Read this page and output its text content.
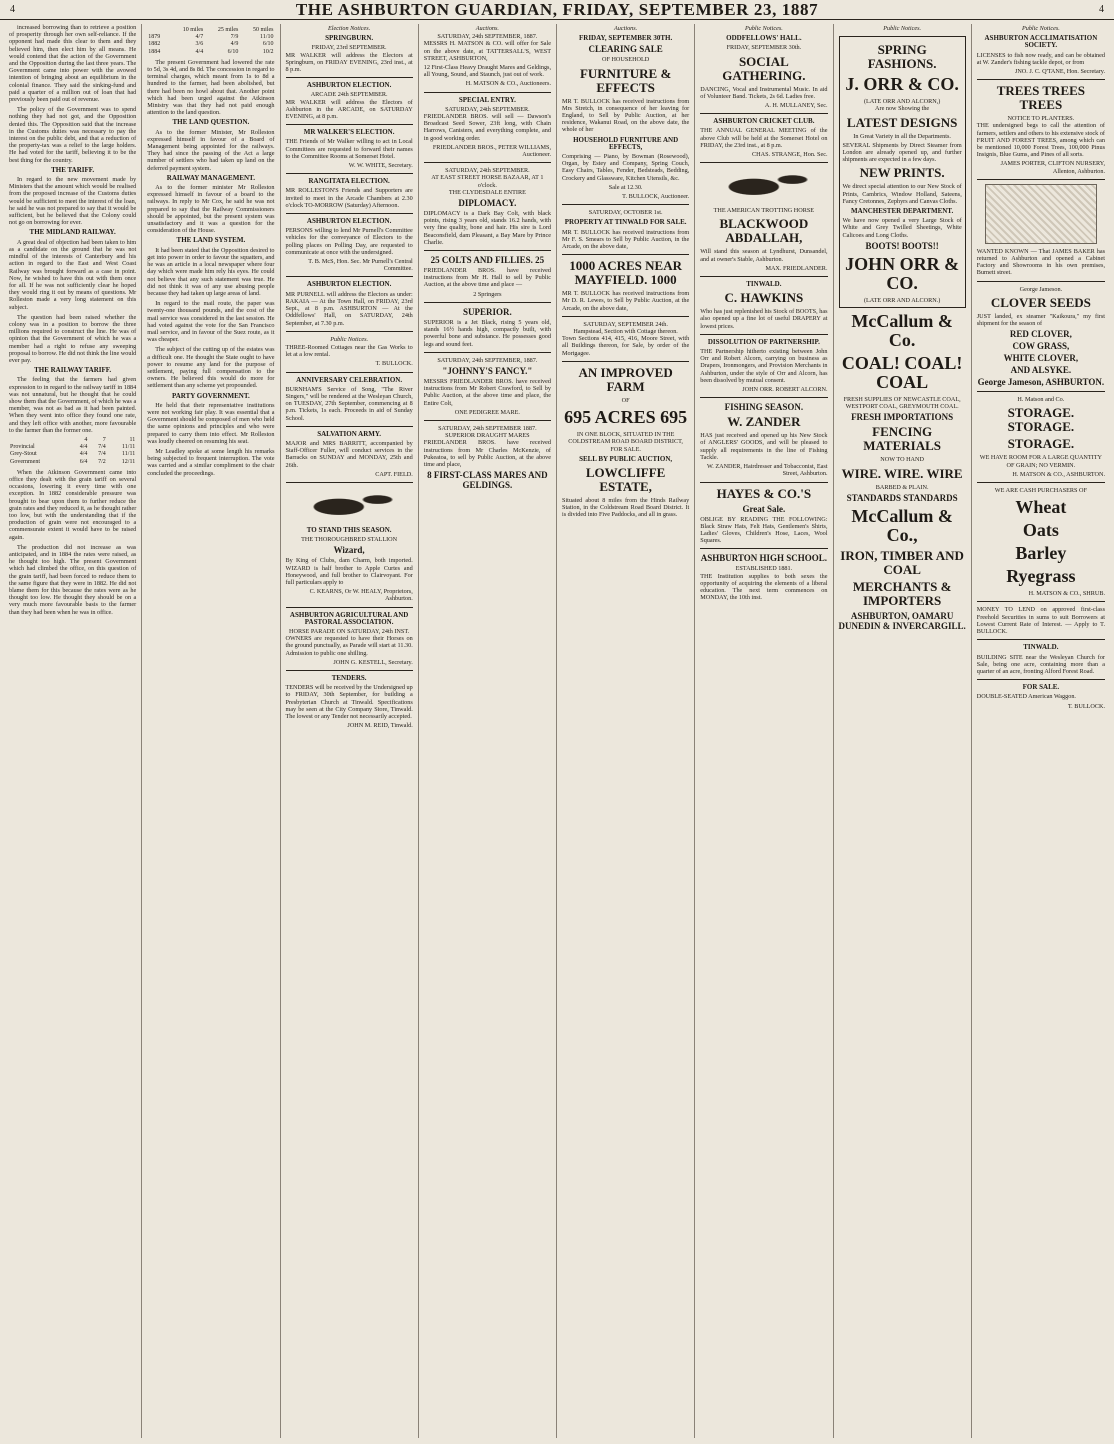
4	THE ASHBURTON GUARDIAN, FRIDAY, SEPTEMBER 23, 1887	4

increased borrowing than to retrieve a position of prosperity through her own self-reliance. If the opponent had made this clear to them and they believed him, then elect him by all means. He would contend that the action of the Government and the Opposition during the last three years. The Government came into power with the avowed intention of bringing about an equilibrium in the colonial finance. They said the sinking-fund and paid a quarter of a million out of loan that had previously been paid out of revenue.

The policy of the Government was to spend nothing they had not got, and the Opposition denied this. The Opposition said that the increase in the Customs duties was necessary to pay the interest on the public debt, and that a reduction of the property-tax was a relief to the large holders. He had voted for the tariff, believing it to be the best thing for the country.

THE TARIFF.

In regard to the new movement made by Ministers that the amount which would be realised from the proposed increase of the Customs duties would be sufficient to meet the interest of the loan, he said he was not prepared to say that it would be sufficient, but he believed that the Colony could not go on borrowing for ever.

THE MIDLAND RAILWAY.

A great deal of objection had been taken to him as a candidate on the ground that he was not mindful of the interests of Canterbury and his action in regard to the East and West Coast Railway was brought forward as a case in point. Now, he wished to have this out with them once for all. If he was not sufficiently clear he hoped they would ring it out by means of questions. Mr Rolleston made a very long statement on this subject.

The question had been raised whether the colony was in a position to borrow the three millions required to construct the line. He was of opinion that the Government of which he was a member had a right to refuse any sweeping proposal to borrow. He did not think the line would ever pay.

THE RAILWAY TARIFF.

The feeling that the farmers had given expression to in regard to the railway tariff in 1884 was not unnatural, but he thought that he could show them that the Government, of which he was a member, was not as bad as it had been painted. When they went into office they found one rate, and they left office with another, more favourable to the farmer than the former one.

	4	7	11
Provincial	4/4	7/4	11/11
Grey-Stout	4/4	7/4	11/11
Government	6/4	7/2	12/11

When the Atkinson Government came into office they dealt with the grain tariff on several occasions, lowering it every time with one exception. In 1882 considerable pressure was brought to bear upon them to further reduce the grain rates and they reduced it, as he thought rather too low, but with the understanding that if the production of grain were not encouraged to a commensurate extent it would have to be raised again.

The production did not increase as was anticipated, and in 1884 the rates were raised, as he thought too high. The present Government which had climbed the office, on this question of the grain tariff, had been forced to reduce them to the same figure that they were in 1882. He did not blame them for this because the rates were as he thought too low. He thought they should be on a very much more favourable basis to the farmer than they had been when he was in office.

	10 miles	25 miles	50 miles
1879	4/7	7/9	11/10
1882	3/6	4/9	6/10
1884	4/4	6/10	10/2

The present Government had lowered the rate to 5d, 3s 4d, and 8s 8d. The concession in regard to terminal charges, which meant from 1s to 8d a hundred to the farmer, had been abolished, but there had been no howl about that. Another point which had been urged against the Atkinson Ministry was that they had not paid enough attention to the land question.

THE LAND QUESTION.

As to the former Minister, Mr Rolleston expressed himself in favour of a Board of Management being appointed for the railways. They had since the passing of the Act a large number of settlers who had taken up land on the deferred payment system.

RAILWAY MANAGEMENT.

As to the former minister Mr Rolleston expressed himself in favour of a board to the railways. In reply to Mr Cox, he said he was not prepared to say that the Railway Commissioners should be appointed, but the present system was unsatisfactory and it was a question for the consideration of the House.

THE LAND SYSTEM.

It had been stated that the Opposition desired to get into power in order to favour the squatters, and he was an article in a local newspaper where four day which were made him rely his eyes. He could not believe that any such statement was true. He did not think it was of any use abusing people because they had taken up large areas of land.

In regard to the mail route, the paper was twenty-one thousand pounds, and the cost of the mail service was considered in the last session. He had voted against the vote for the San Francisco mail service, and in favour of the Suez route, as it was cheaper.

The subject of the cutting up of the estates was a difficult one. He thought the State ought to have power to resume any land for the purpose of settlement, paying full compensation to the owners. He believed this would do more for settlement than any scheme yet propounded.

PARTY GOVERNMENT.

He held that their representative institutions were not working fair play. It was essential that a Government should be composed of men who held the same opinions and principles and who were prepared to carry them into effect. Mr Rolleston was loudly cheered on resuming his seat.

Mr Leadley spoke at some length his remarks being subjected to frequent interruption. The vote was carried and a similar compliment to the chair concluded the proceedings.

Election Notices.
SPRINGBURN.
FRIDAY, 23rd SEPTEMBER.

MR WALKER will address the Electors at Springburn, on FRIDAY EVENING, 23rd inst., at 8 p.m.

ASHBURTON ELECTION.
ARCADE 24th SEPTEMBER.

MR WALKER will address the Electors of Ashburton in the ARCADE, on SATURDAY EVENING, at 8 p.m.

MR WALKER'S ELECTION.

THE Friends of Mr Walker willing to act in Local Committees are requested to forward their names to the Committee Rooms at Somerset Hotel.

W. W. WHITE, Secretary.
RANGITATA ELECTION.

MR ROLLESTON'S Friends and Supporters are invited to meet in the Arcade Chambers at 2.30 o'clock TO-MORROW (Saturday) Afternoon.

ASHBURTON ELECTION.

PERSONS willing to lend Mr Purnell's Committee vehicles for the conveyance of Electors to the polling places on Polling Day, are requested to communicate at once with the undersigned.

T. B. McS, Hon. Sec. Mr Purnell's Central Committee.
ASHBURTON ELECTION.

MR PURNELL will address the Electors as under: RAKAIA — At the Town Hall, on FRIDAY, 23rd Sept., at 8 p.m. ASHBURTON — At the Oddfellows' Hall, on SATURDAY, 24th September, at 7.30 p.m.

Public Notices.

THREE-Roomed Cottages near the Gas Works to let at a low rental.

T. BULLOCK.
ANNIVERSARY CELEBRATION.

BURNHAM'S Service of Song, "The River Singers," will be rendered at the Wesleyan Church, on TUESDAY, 27th September, commencing at 8 p.m. Tickets, 1s each. Proceeds in aid of Sunday School.

SALVATION ARMY.

MAJOR and MRS BARRITT, accompanied by Staff-Officer Fuller, will conduct services in the Barracks on SUNDAY and MONDAY, 25th and 26th.

CAPT. FIELD.
TO STAND THIS SEASON.
THE THOROUGHBRED STALLION
Wizard,

By King of Clubs, dam Charm, both imported. WIZARD is half brother to Apple Curtes and Honeywood, and full brother to Clairvoyant. For full particulars apply to

C. KEARNS, Or W. HEALY, Proprietors, Ashburton.
ASHBURTON AGRICULTURAL AND PASTORAL ASSOCIATION.
HORSE PARADE ON SATURDAY, 24th INST.

OWNERS are requested to have their Horses on the ground punctually, as Parade will start at 11.30. Admission to public one shilling.

JOHN G. KESTELL, Secretary.
TENDERS.

TENDERS will be received by the Undersigned up to FRIDAY, 30th September, for building a Presbyterian Church at Tinwald. Specifications may be seen at the City Company Store, Tinwald. The lowest or any Tender not necessarily accepted.

JOHN M. REID, Tinwald.
Auctions.
SATURDAY, 24th SEPTEMBER, 1887.

MESSRS H. MATSON & CO. will offer for Sale on the above date, at TATTERSALL'S, WEST STREET, ASHBURTON,

12 First-Class Heavy Draught Mares and Geldings, all Young, Sound, and Staunch, just out of work.

H. MATSON & CO., Auctioneers.
SPECIAL ENTRY.
SATURDAY, 24th SEPTEMBER.

FRIEDLANDER BROS. will sell — Dawson's Broadcast Seed Sower, 23ft long, with Chain Harrows, Canisters, and everything complete, and in good working order.

FRIEDLANDER BROS., PETER WILLIAMS, Auctioneer.
SATURDAY, 24th SEPTEMBER.
AT EAST STREET HORSE BAZAAR, AT 1 o'clock.
THE CLYDESDALE ENTIRE
DIPLOMACY.

DIPLOMACY is a Dark Bay Colt, with black points, rising 3 years old, stands 16.2 hands, with very fine quality, bone and hair. His sire is Lord Beaconsfield, dam Pleasant, a Bay Mare by Prince Charlie.

25 COLTS AND FILLIES. 25

FRIEDLANDER BROS. have received instructions from Mr H. Hall to sell by Public Auction, at the above time and place —

2 Springers
SUPERIOR.

SUPERIOR is a Jet Black, rising 5 years old, stands 16½ hands high, compactly built, with powerful bone and substance. He possesses good legs and sound feet.

SATURDAY, 24th SEPTEMBER, 1887.
"JOHNNY'S FANCY."

MESSRS FRIEDLANDER BROS. have received instructions from Mr Robert Crawford, to Sell by Public Auction, at the above time and place, the Entire Colt,

ONE PEDIGREE MARE.
SATURDAY, 24th SEPTEMBER 1887.
SUPERIOR DRAUGHT MARES

FRIEDLANDER BROS. have received instructions from Mr Charles McKenzie, of Pukeatoa, to sell by Public Auction, at the above time and place,

8 FIRST-CLASS MARES AND GELDINGS.
Auctions.
FRIDAY, SEPTEMBER 30TH.
CLEARING SALE
OF HOUSEHOLD
FURNITURE & EFFECTS

MR T. BULLOCK has received instructions from Mrs Stretch, in consequence of her leaving for England, to Sell by Public Auction, at her residence, Wakanui Road, on the above date, the whole of her

HOUSEHOLD FURNITURE AND EFFECTS,

Comprising — Piano, by Bowman (Rosewood), Organ, by Estey and Company, Spring Couch, Easy Chairs, Tables, Fender, Bedsteads, Bedding, Crockery and Glassware, Kitchen Utensils, &c.

Sale at 12.30.
T. BULLOCK, Auctioneer.
SATURDAY, OCTOBER 1st.
PROPERTY AT TINWALD FOR SALE.

MR T. BULLOCK has received instructions from Mr F. S. Smears to Sell by Public Auction, in the Arcade, on the above date,

1000 ACRES NEAR MAYFIELD. 1000

MR T. BULLOCK has received instructions from Mr D. R. Lewes, to Sell by Public Auction, at the Arcade, on the above date,

SATURDAY, SEPTEMBER 24th.
Hampstead, Section with Cottage thereon.

Town Sections 414, 415, 416, Moore Street, with all Buildings thereon, for Sale, by order of the Mortgagee.

AN IMPROVED FARM
OF
695 ACRES 695
IN ONE BLOCK, SITUATED IN THE COLDSTREAM ROAD BOARD DISTRICT, FOR SALE.
SELL BY PUBLIC AUCTION,
LOWCLIFFE ESTATE,

Situated about 8 miles from the Hinds Railway Station, in the Coldstream Road Board District. It is divided into Five Paddocks, and all in grass.

Public Notices.
ODDFELLOWS' HALL.
FRIDAY, SEPTEMBER 30th.
SOCIAL GATHERING.

DANCING, Vocal and Instrumental Music. In aid of Volunteer Band. Tickets, 2s 6d. Ladies free.

A. H. MULLANEY, Sec.
ASHBURTON CRICKET CLUB.

THE ANNUAL GENERAL MEETING of the above Club will be held at the Somerset Hotel on FRIDAY, the 23rd inst., at 8 p.m.

CHAS. STRANGE, Hon. Sec.
THE AMERICAN TROTTING HORSE
BLACKWOOD ABDALLAH,

Will stand this season at Lyndhurst, Dunsandel, and at owner's Stable, Ashburton.

MAX. FRIEDLANDER.
TINWALD.
C. HAWKINS

Who has just replenished his Stock of BOOTS, has also opened up a fine lot of useful DRAPERY at lowest prices.

DISSOLUTION OF PARTNERSHIP.

THE Partnership hitherto existing between John Orr and Robert Alcorn, carrying on business as Drapers, Ironmongers, and Provision Merchants in Ashburton, under the style of Orr and Alcorn, has been dissolved by mutual consent.

JOHN ORR. ROBERT ALCORN.
FISHING SEASON.
W. ZANDER

HAS just received and opened up his New Stock of ANGLERS' GOODS, and will be pleased to supply all requirements in the line of Fishing Tackle.

W. ZANDER, Hairdresser and Tobacconist, East Street, Ashburton.
HAYES & CO.'S
Great Sale.

OBLIGE BY READING THE FOLLOWING: Black Straw Hats, Felt Hats, Gentlemen's Shirts, Ladies' Gloves, Children's Hose, Laces, Wool Squares.

ASHBURTON HIGH SCHOOL.
ESTABLISHED 1881.

THE Institution supplies to both sexes the opportunity of acquiring the elements of a liberal education. The next term commences on MONDAY, the 10th inst.

Public Notices.
SPRING FASHIONS.
J. ORR & CO.
(LATE ORR AND ALCORN,)
Are now Showing the
LATEST DESIGNS

In Great Variety in all the Departments.

SEVERAL Shipments by Direct Steamer from London are already opened up, and further shipments are expected in a few days.

NEW PRINTS.

We direct special attention to our New Stock of Prints, Cambrics, Window Holland, Sateens, Fancy Cretonnes, Zephyrs and Canvas Cloths.

MANCHESTER DEPARTMENT.

We have now opened a very Large Stock of White and Grey Twilled Sheetings, White Calicoes and Long Cloths.

BOOTS! BOOTS!!
JOHN ORR & CO.
(LATE ORR AND ALCORN.)
McCallum & Co.
COAL! COAL! COAL

FRESH SUPPLIES OF NEWCASTLE COAL, WESTPORT COAL, GREYMOUTH COAL.

FRESH IMPORTATIONS
FENCING MATERIALS
NOW TO HAND
WIRE. WIRE. WIRE
BARBED & PLAIN.
STANDARDS STANDARDS
McCallum & Co.,
IRON, TIMBER AND COAL
MERCHANTS & IMPORTERS
ASHBURTON, OAMARU DUNEDIN & INVERCARGILL.
Public Notices.
ASHBURTON ACCLIMATISATION SOCIETY.

LICENSES to fish now ready, and can be obtained at W. Zander's fishing tackle depot, or from

JNO. J. C. Q'TANE, Hon. Secretary.
TREES TREES TREES
NOTICE TO PLANTERS.

THE undersigned begs to call the attention of farmers, settlers and others to his extensive stock of FRUIT AND FOREST TREES, among which can be mentioned 10,000 Forest Trees, 100,000 Pinus Insignis, Blue Gums, and Pines of all sorts.

JAMES PORTER, CLIFTON NURSERY, Allenton, Ashburton.

WANTED KNOWN — That JAMES BAKER has returned to Ashburton and opened a Cabinet Factory and Showrooms in his own premises, Burnett street.

George Jameson.
CLOVER SEEDS

JUST landed, ex steamer "Kaikoura," my first shipment for the season of

RED CLOVER,
COW GRASS,
WHITE CLOVER,
AND ALSYKE.
George Jameson, ASHBURTON.
H. Matson and Co.
STORAGE. STORAGE.
STORAGE.

WE HAVE ROOM FOR A LARGE QUANTITY OF GRAIN; NO VERMIN.

H. MATSON & CO., ASHBURTON.
WE ARE CASH PURCHASERS OF
Wheat
Oats
Barley
Ryegrass
H. MATSON & CO., SHRUB.

MONEY TO LEND on approved first-class Freehold Securities in sums to suit Borrowers at Lowest Current Rate of Interest. — Apply to T. BULLOCK.

TINWALD.

BUILDING SITE near the Wesleyan Church for Sale, being one acre, containing more than a quarter of an acre, fronting Alford Forest Road.

FOR SALE.

DOUBLE-SEATED American Waggon.

T. BULLOCK.
